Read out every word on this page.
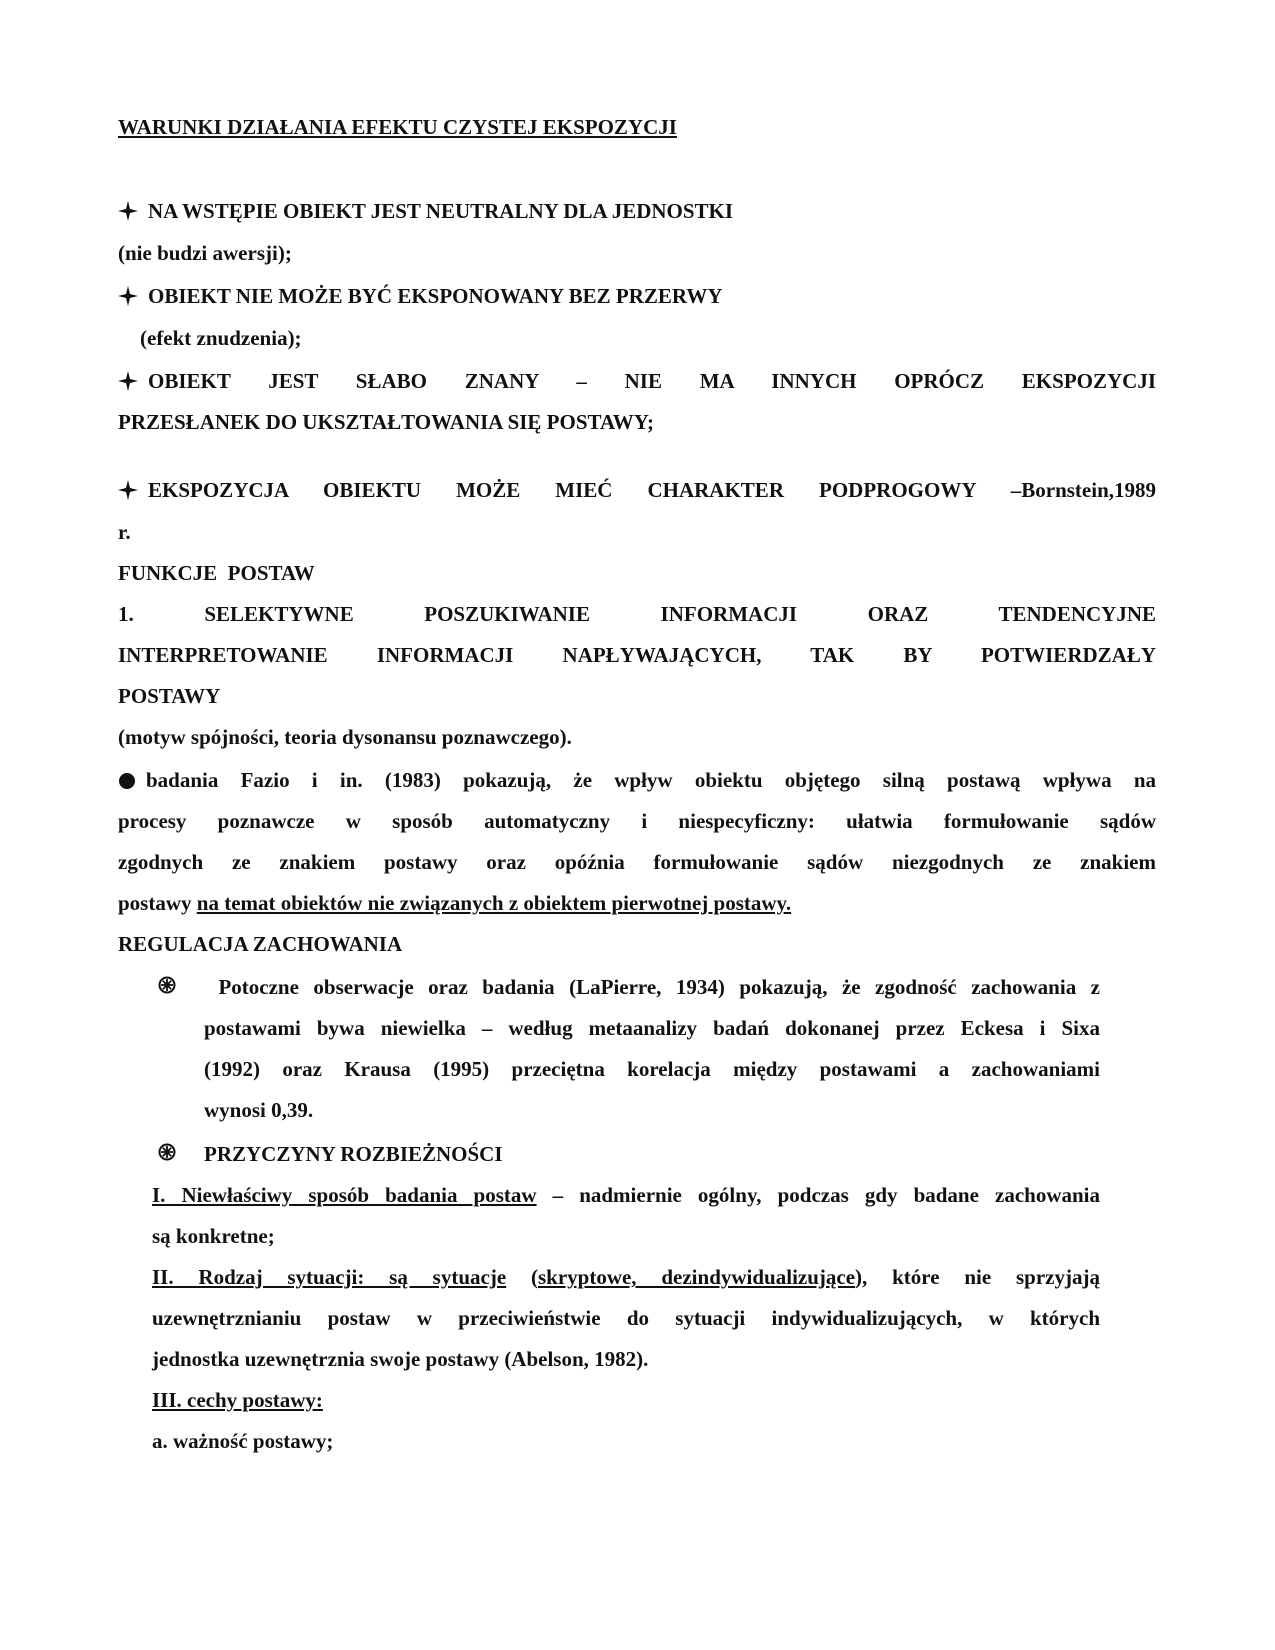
WARUNKI DZIAŁANIA EFEKTU CZYSTEJ EKSPOZYCJI
NA WSTĘPIE OBIEKT JEST NEUTRALNY DLA JEDNOSTKI
(nie budzi awersji);
OBIEKT NIE MOŻE BYĆ EKSPONOWANY BEZ PRZERWY
(efekt znudzenia);
OBIEKT JEST SŁABO ZNANY – NIE MA INNYCH OPRÓCZ EKSPOZYCJI
PRZESŁANEK DO UKSZTAŁTOWANIA SIĘ POSTAWY;
EKSPOZYCJA OBIEKTU MOŻE MIEĆ CHARAKTER PODPROGOWY –Bornstein,1989
r.
FUNKCJE  POSTAW
1. SELEKTYWNE POSZUKIWANIE INFORMACJI ORAZ TENDENCYJNE
INTERPRETOWANIE INFORMACJI NAPŁYWAJĄCYCH, TAK BY POTWIERDZAŁY
POSTAWY
(motyw spójności, teoria dysonansu poznawczego).
badania Fazio i in. (1983) pokazują, że wpływ obiektu objętego silną postawą wpływa na
procesy poznawcze w sposób automatyczny i niespecyficzny: ułatwia formułowanie sądów
zgodnych ze znakiem postawy oraz opóźnia formułowanie sądów niezgodnych ze znakiem
postawy na temat obiektów nie związanych z obiektem pierwotnej postawy.
REGULACJA ZACHOWANIA
Potoczne obserwacje oraz badania (LaPierre, 1934) pokazują, że zgodność zachowania z
postawami bywa niewielka – według metaanalizy badań dokonanej przez Eckesa i Sixa
(1992) oraz Krausa (1995) przeciętna korelacja między postawami a zachowaniami
wynosi 0,39.
PRZYCZYNY ROZBIEŻNOŚCI
I. Niewłaściwy sposób badania postaw – nadmiernie ogólny, podczas gdy badane zachowania
są konkretne;
II. Rodzaj sytuacji: są sytuacje (skryptowe, dezindywidualizujące), które nie sprzyjają
uzewnętrznianiu postaw w przeciwieństwie do sytuacji indywidualizujących, w których
jednostka uzewnętrznia swoje postawy (Abelson, 1982).
III. cechy postawy:
a. ważność postawy;
